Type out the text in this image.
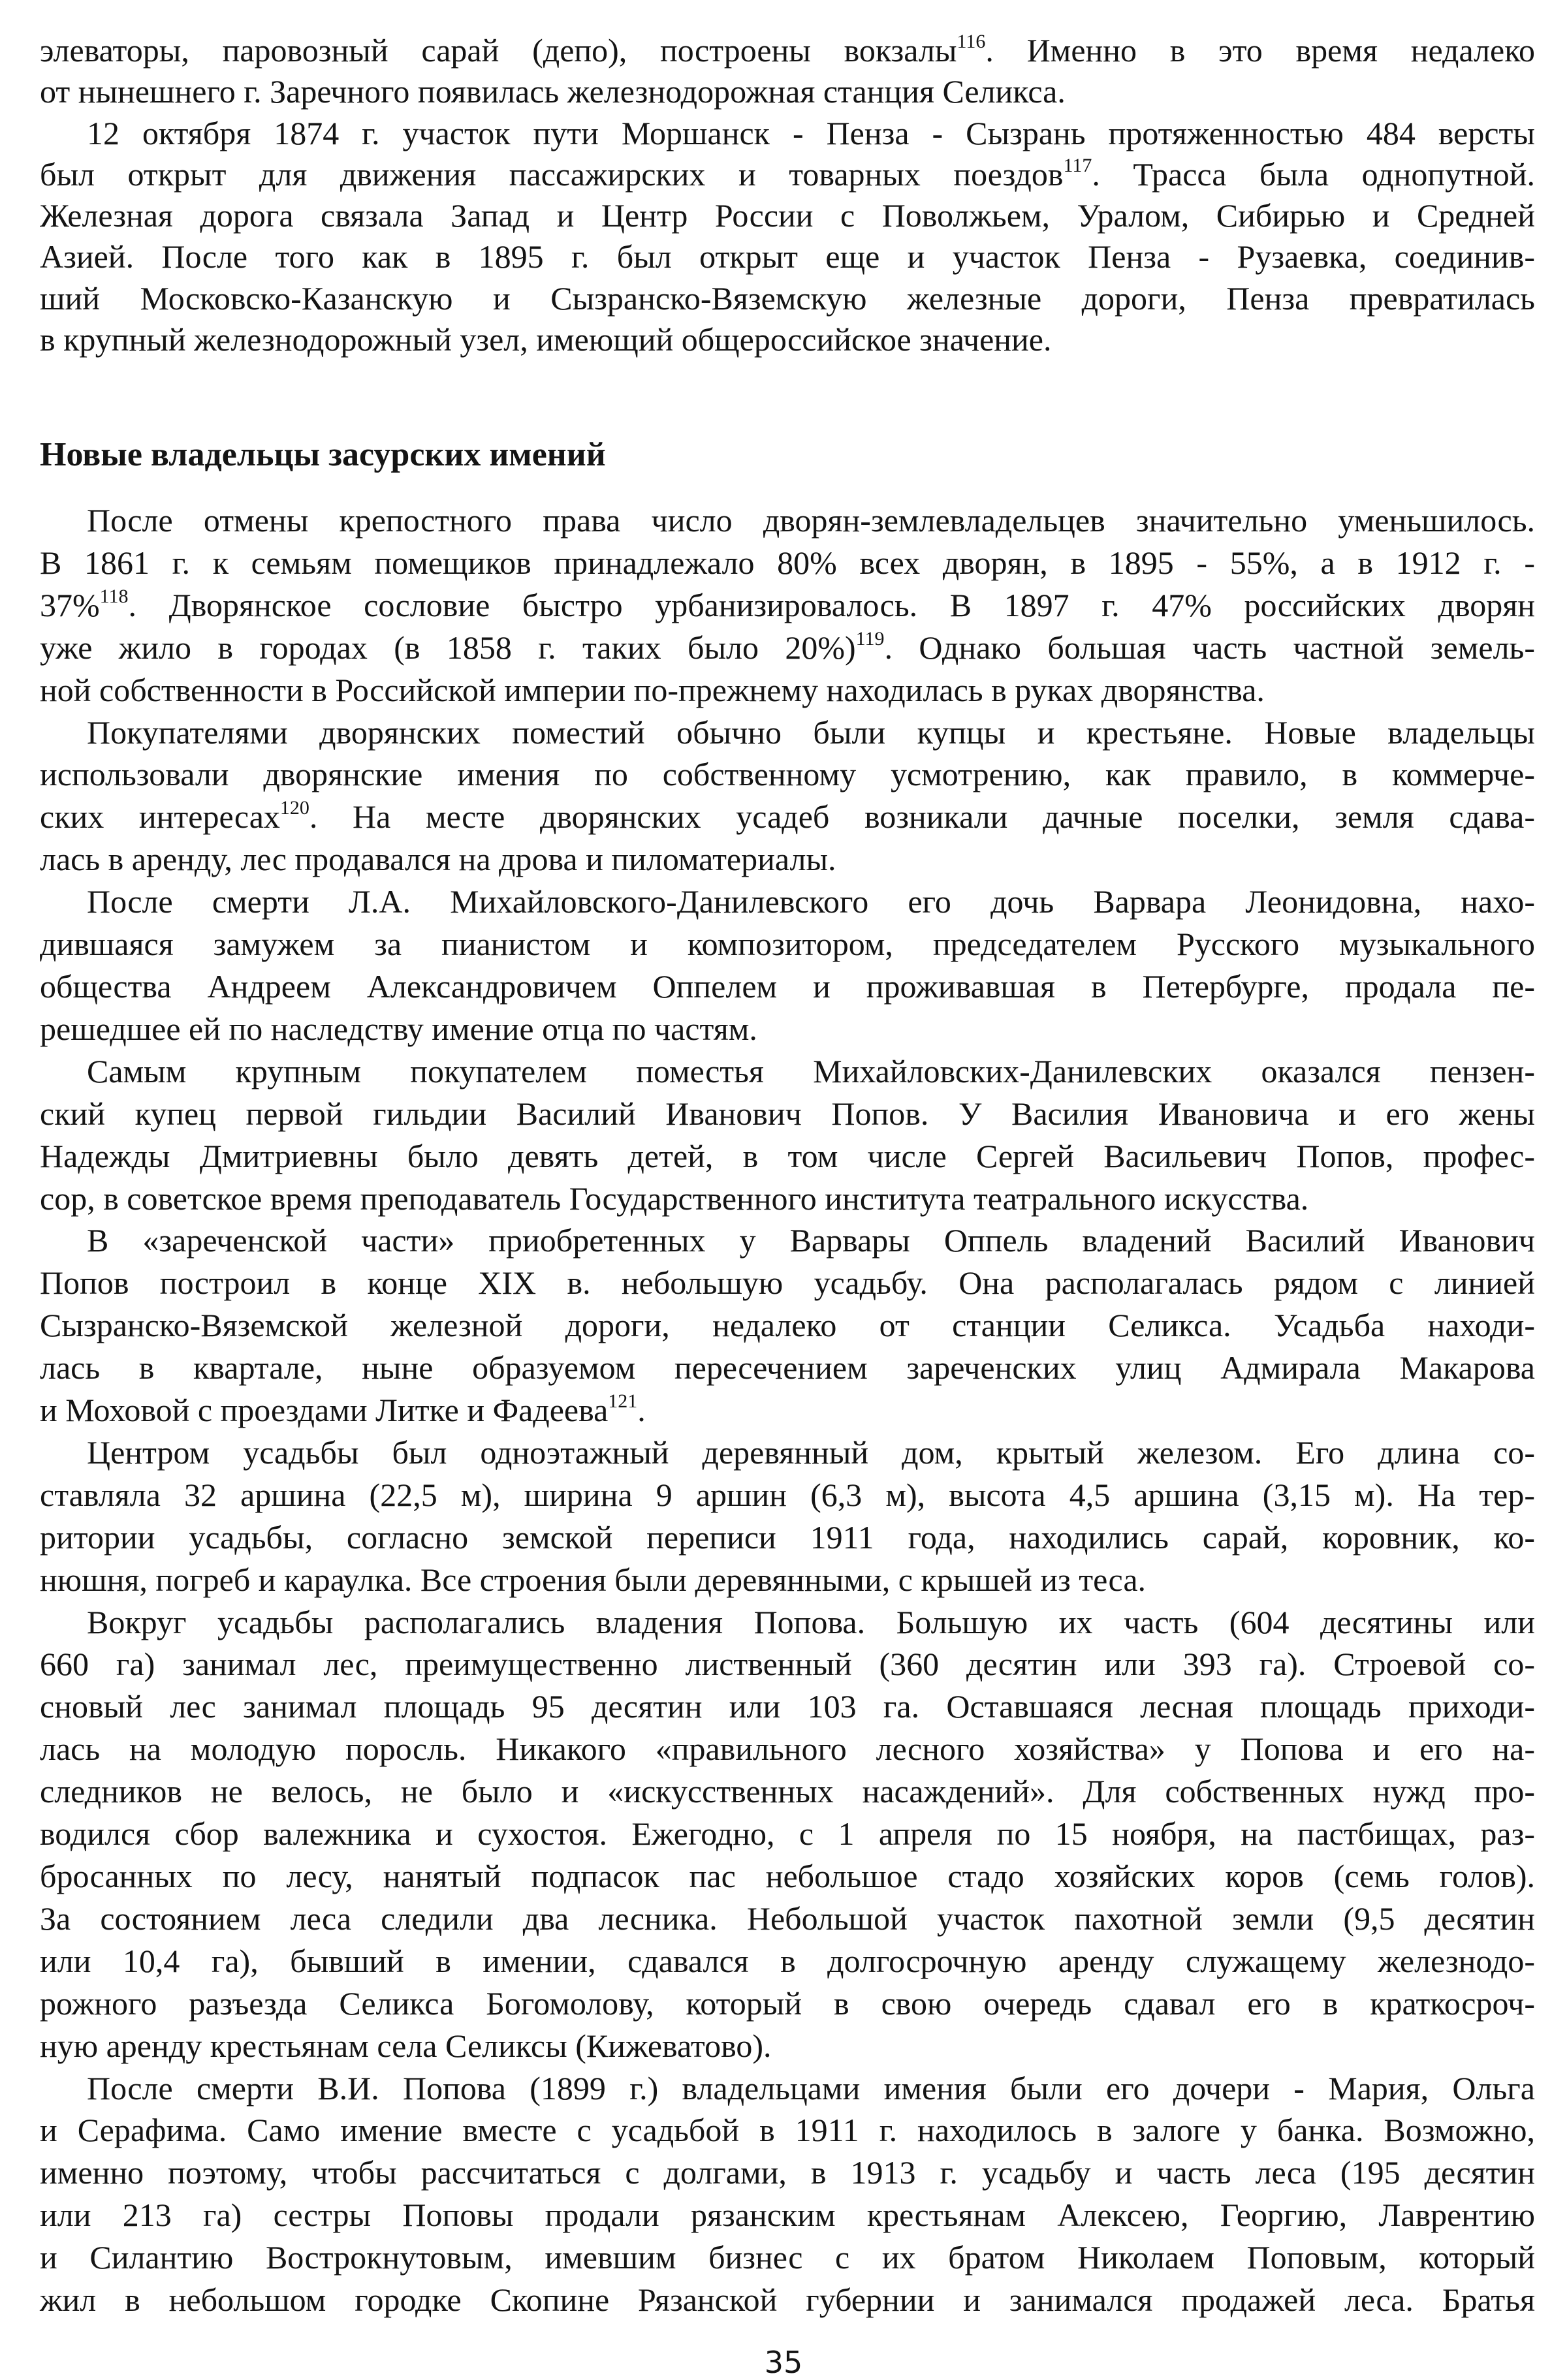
элеваторы, паровозный сарай (депо), построены вокзалы$^{116}$. Именно в это время недалеко
от нынешнего г. Заречного появилась железнодорожная станция Селикса.
12 октября 1874 г. участок пути Моршанск - Пенза - Сызрань протяженностью 484 версты
был открыт для движения пассажирских и товарных поездов$^{117}$. Трасса была однопутной.
Железная дорога связала Запад и Центр России с Поволжьем, Уралом, Сибирью и Средней
Азией. После того как в 1895 г. был открыт еще и участок Пенза - Рузаевка, соединив-
ший Московско-Казанскую и Сызранско-Вяземскую железные дороги, Пенза превратилась
в крупный железнодорожный узел, имеющий общероссийское значение.
Новые владельцы засурских имений
После отмены крепостного права число дворян-землевладельцев значительно уменьшилось.
В 1861 г. к семьям помещиков принадлежало 80% всех дворян, в 1895 - 55%, а в 1912 г. -
37%$^{118}$. Дворянское сословие быстро урбанизировалось. В 1897 г. 47% российских дворян
уже жило в городах (в 1858 г. таких было 20%)$^{119}$. Однако большая часть частной земель-
ной собственности в Российской империи по-прежнему находилась в руках дворянства.
Покупателями дворянских поместий обычно были купцы и крестьяне. Новые владельцы
использовали дворянские имения по собственному усмотрению, как правило, в коммерче-
ских интересах$^{120}$. На месте дворянских усадеб возникали дачные поселки, земля сдава-
лась в аренду, лес продавался на дрова и пиломатериалы.
После смерти Л.А. Михайловского-Данилевского его дочь Варвара Леонидовна, нахо-
дившаяся замужем за пианистом и композитором, председателем Русского музыкального
общества Андреем Александровичем Оппелем и проживавшая в Петербурге, продала пе-
решедшее ей по наследству имение отца по частям.
Самым крупным покупателем поместья Михайловских-Данилевских оказался пензен-
ский купец первой гильдии Василий Иванович Попов. У Василия Ивановича и его жены
Надежды Дмитриевны было девять детей, в том числе Сергей Васильевич Попов, профес-
сор, в советское время преподаватель Государственного института театрального искусства.
В «зареченской части» приобретенных у Варвары Оппель владений Василий Иванович
Попов построил в конце XIX в. небольшую усадьбу. Она располагалась рядом с линией
Сызранско-Вяземской железной дороги, недалеко от станции Селикса. Усадьба находи-
лась в квартале, ныне образуемом пересечением зареченских улиц Адмирала Макарова
и Моховой с проездами Литке и Фадеева$^{121}$.
Центром усадьбы был одноэтажный деревянный дом, крытый железом. Его длина со-
ставляла 32 аршина (22,5 м), ширина 9 аршин (6,3 м), высота 4,5 аршина (3,15 м). На тер-
ритории усадьбы, согласно земской переписи 1911 года, находились сарай, коровник, ко-
нюшня, погреб и караулка. Все строения были деревянными, с крышей из теса.
Вокруг усадьбы располагались владения Попова. Большую их часть (604 десятины или
660 га) занимал лес, преимущественно лиственный (360 десятин или 393 га). Строевой со-
сновый лес занимал площадь 95 десятин или 103 га. Оставшаяся лесная площадь приходи-
лась на молодую поросль. Никакого «правильного лесного хозяйства» у Попова и его на-
следников не велось, не было и «искусственных насаждений». Для собственных нужд про-
водился сбор валежника и сухостоя. Ежегодно, с 1 апреля по 15 ноября, на пастбищах, раз-
бросанных по лесу, нанятый подпасок пас небольшое стадо хозяйских коров (семь голов).
За состоянием леса следили два лесника. Небольшой участок пахотной земли (9,5 десятин
или 10,4 га), бывший в имении, сдавался в долгосрочную аренду служащему железнодо-
рожного разъезда Селикса Богомолову, который в свою очередь сдавал его в краткосроч-
ную аренду крестьянам села Селиксы (Кижеватово).
После смерти В.И. Попова (1899 г.) владельцами имения были его дочери - Мария, Ольга
и Серафима. Само имение вместе с усадьбой в 1911 г. находилось в залоге у банка. Возможно,
именно поэтому, чтобы рассчитаться с долгами, в 1913 г. усадьбу и часть леса (195 десятин
или 213 га) сестры Поповы продали рязанским крестьянам Алексею, Георгию, Лаврентию
и Силантию Вострокнутовым, имевшим бизнес с их братом Николаем Поповым, который
жил в небольшом городке Скопине Рязанской губернии и занимался продажей леса. Братья
35
